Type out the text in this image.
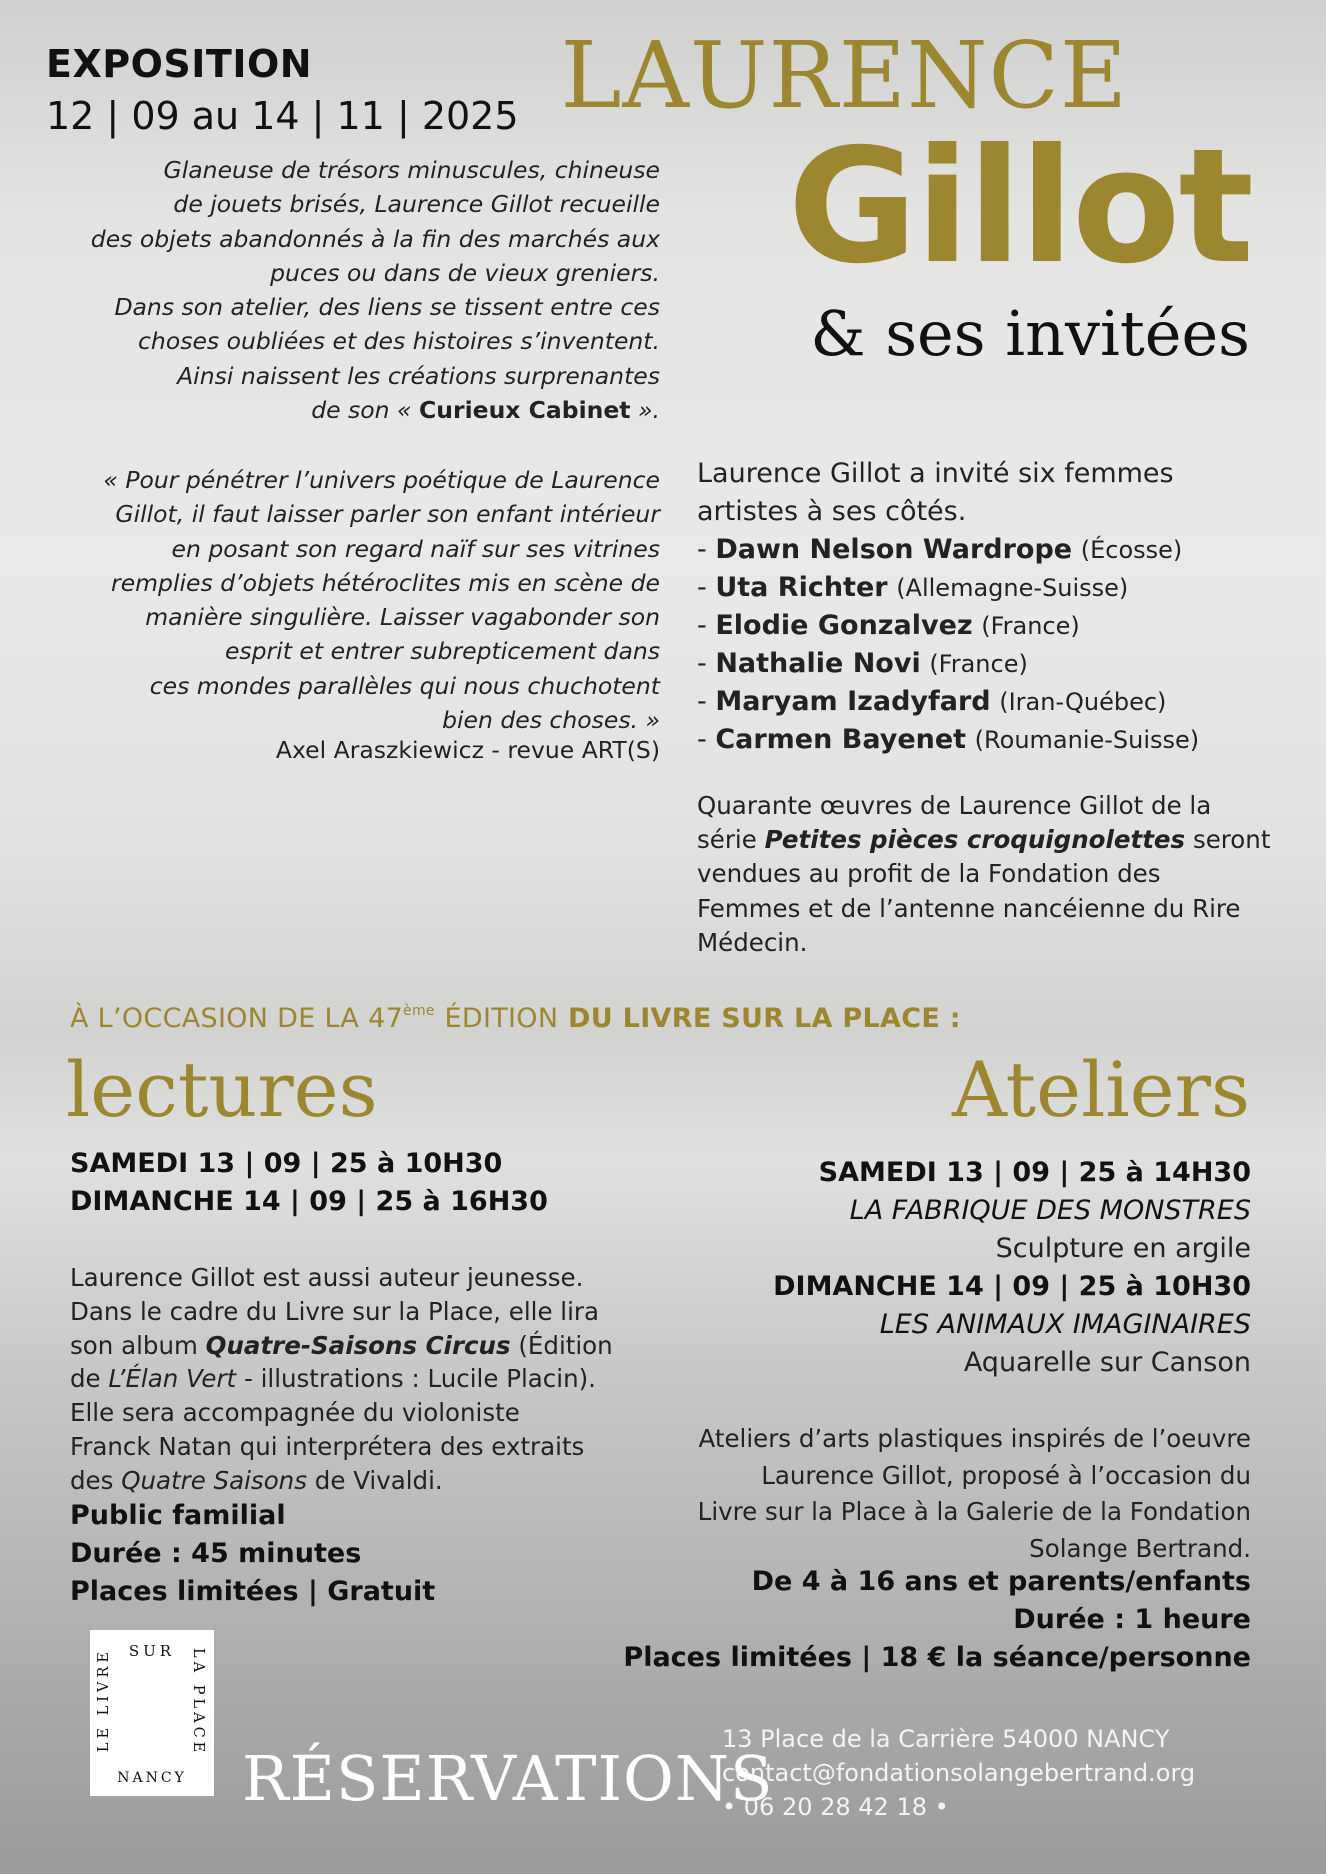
EXPOSITION
12 | 09 au 14 | 11 | 2025 LAURENCE
Gillot
& ses invitées
Glaneuse de trésors minuscules, chineuse
de jouets brisés, Laurence Gillot recueille
des objets abandonnés à la fin des marchés aux
puces ou dans de vieux greniers.
Dans son atelier, des liens se tissent entre ces
choses oubliées et des histoires s’inventent.
Ainsi naissent les créations surprenantes
de son « Curieux Cabinet ».
« Pour pénétrer l’univers poétique de Laurence
Gillot, il faut laisser parler son enfant intérieur
en posant son regard naïf sur ses vitrines
remplies d’objets hétéroclites mis en scène de
manière singulière. Laisser vagabonder son
esprit et entrer subrepticement dans
ces mondes parallèles qui nous chuchotent
bien des choses. »
Axel Araszkiewicz - revue ART(S)
Laurence Gillot a invité six femmes
artistes à ses côtés.
- Dawn Nelson Wardrope (Écosse)
- Uta Richter (Allemagne-Suisse)
- Elodie Gonzalvez (France)
- Nathalie Novi (France)
- Maryam Izadyfard (Iran-Québec)
- Carmen Bayenet (Roumanie-Suisse)
Quarante œuvres de Laurence Gillot de la
série Petites pièces croquignolettes seront
vendues au profit de la Fondation des
Femmes et de l’antenne nancéienne du Rire
Médecin.
À L’OCCASION DE LA 47ème ÉDITION DU LIVRE SUR LA PLACE :
lectures
SAMEDI 13 | 09 | 25 à 10H30
DIMANCHE 14 | 09 | 25 à 16H30
Laurence Gillot est aussi auteur jeunesse.
Dans le cadre du Livre sur la Place, elle lira
son album Quatre-Saisons Circus (Édition
de L’Élan Vert - illustrations : Lucile Placin).
Elle sera accompagnée du violoniste
Franck Natan qui interprétera des extraits
des Quatre Saisons de Vivaldi.
Public familial
Durée : 45 minutes
Places limitées | Gratuit
Ateliers
SAMEDI 13 | 09 | 25 à 14H30
LA FABRIQUE DES MONSTRES
Sculpture en argile
DIMANCHE 14 | 09 | 25 à 10H30
LES ANIMAUX IMAGINAIRES
Aquarelle sur Canson
Ateliers d’arts plastiques inspirés de l’oeuvre
Laurence Gillot, proposé à l’occasion du
Livre sur la Place à la Galerie de la Fondation
Solange Bertrand.
De 4 à 16 ans et parents/enfants
Durée : 1 heure
Places limitées | 18 € la séance/personne
SUR
LE LIVRE	LA PLACE
NANCY RÉSERVATIONS
13 Place de la Carrière 54000 NANCY
contact@fondationsolangebertrand.org
• 06 20 28 42 18 •
